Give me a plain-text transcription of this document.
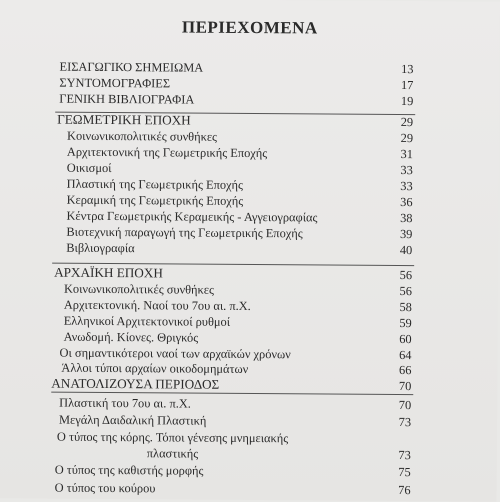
ΠΕΡΙΕΧΟΜΕΝΑ
ΕΙΣΑΓΩΓΙΚΟ ΣΗΜΕΙΩΜΑ	13
ΣΥΝΤΟΜΟΓΡΑΦΙΕΣ	17
ΓΕΝΙΚΗ ΒΙΒΛΙΟΓΡΑΦΙΑ	19
ΓΕΩΜΕΤΡΙΚΗ ΕΠΟΧΗ	29
Κοινωνικοπολιτικές συνθήκες	29
Αρχιτεκτονική της Γεωμετρικής Εποχής	31
Οικισμοί	33
Πλαστική της Γεωμετρικής Εποχής	33
Κεραμική της Γεωμετρικής Εποχής	36
Κέντρα Γεωμετρικής Κεραμεικής - Αγγειογραφίας	38
Βιοτεχνική παραγωγή της Γεωμετρικής Εποχής	39
Βιβλιογραφία	40
ΑΡΧΑΪΚΗ ΕΠΟΧΗ	56
Κοινωνικοπολιτικές συνθήκες	56
Αρχιτεκτονική. Ναοί του 7ου αι. π.Χ.	58
Ελληνικοί Αρχιτεκτονικοί ρυθμοί	59
Ανωδομή. Κίονες. Θριγκός	60
Οι σημαντικότεροι ναοί των αρχαϊκών χρόνων	64
Άλλοι τύποι αρχαίων οικοδομημάτων	66
ΑΝΑΤΟΛΙΖΟΥΣΑ ΠΕΡΙΟΔΟΣ	70
Πλαστική του 7ου αι. π.Χ.	70
Μεγάλη Δαιδαλική Πλαστική	73
Ο τύπος της κόρης. Τόποι γένεσης μνημειακής
πλαστικής	73
Ο τύπος της καθιστής μορφής	75
Ο τύπος του κούρου	76
